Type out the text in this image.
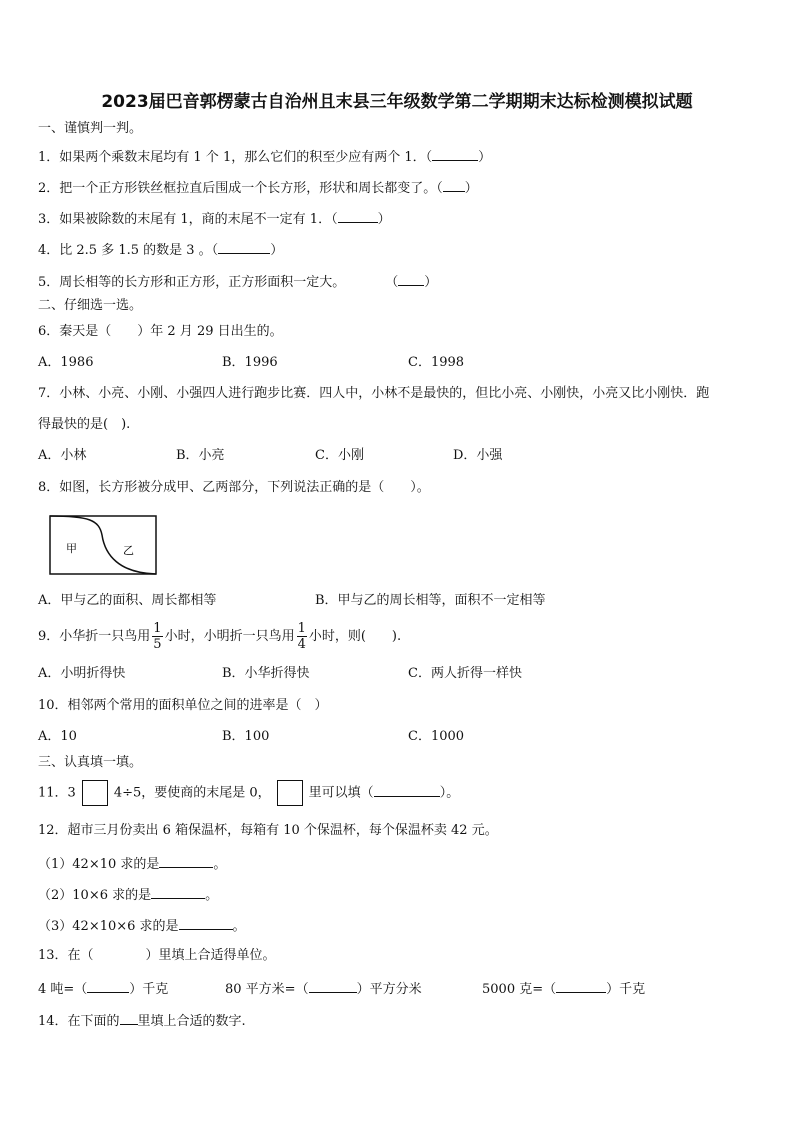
2023届巴音郭楞蒙古自治州且末县三年级数学第二学期期末达标检测模拟试题
一、谨慎判一判。
1．如果两个乘数末尾均有 1 个 1，那么它们的积至少应有两个 1．（	）
2．把一个正方形铁丝框拉直后围成一个长方形，形状和周长都变了。（ ）
3．如果被除数的末尾有 1，商的末尾不一定有 1．（	）
4．比 2.5 多 1.5 的数是 3 。（	）
5．周长相等的长方形和正方形，正方形面积一定大。	（ ）
二、仔细选一选。
6．秦天是（　　）年 2 月 29 日出生的。
A．1986	B．1996	C．1998
7．小林、小亮、小刚、小强四人进行跑步比赛．四人中，小林不是最快的，但比小亮、小刚快，小亮又比小刚快．跑
得最快的是(　).
A．小林	B．小亮	C．小刚	D．小强
8．如图，长方形被分成甲、乙两部分，下列说法正确的是（　　）。
甲	乙
A．甲与乙的面积、周长都相等	B．甲与乙的周长相等，面积不一定相等
9．小华折一只鸟用 $\frac{1}{5}$ 小时，小明折一只鸟用 $\frac{1}{4}$ 小时，则(　　).
A．小明折得快	B．小华折得快	C．两人折得一样快
10．相邻两个常用的面积单位之间的进率是（　）
A．10	B．100	C．1000
三、认真填一填。
11．3	4÷5，要使商的末尾是 0，	里可以填（	）。
12．超市三月份卖出 6 箱保温杯，每箱有 10 个保温杯，每个保温杯卖 42 元。
（1）42×10 求的是	。
（2）10×6 求的是	。
（3）42×10×6 求的是	。
13．在（　　　　）里填上合适得单位。
4 吨=（	）千克	80 平方米=（	）平方分米	5000 克=（	）千克
14．在下面的 里填上合适的数字.
